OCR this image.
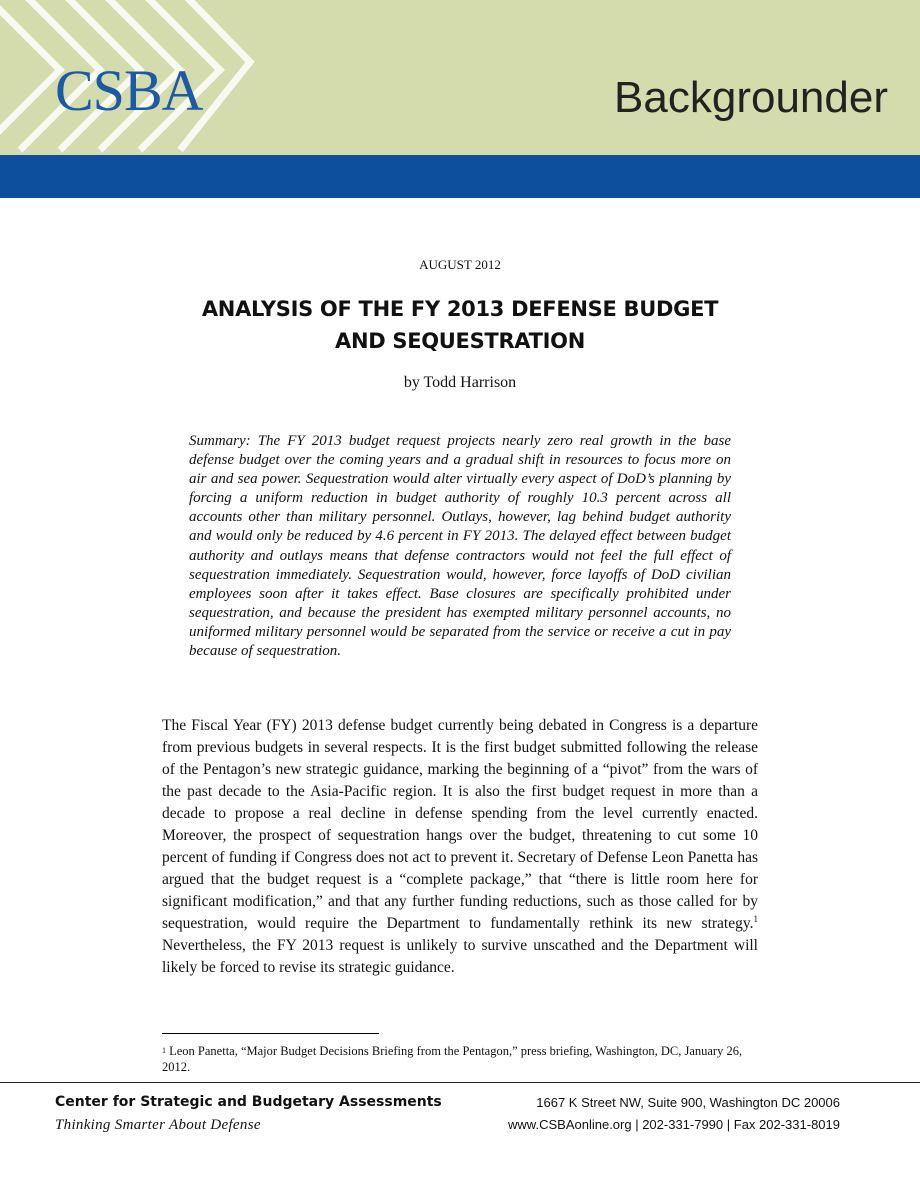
CSBA	Backgrounder
AUGUST 2012
ANALYSIS OF THE FY 2013 DEFENSE BUDGET
AND SEQUESTRATION
by Todd Harrison

Summary: The FY 2013 budget request projects nearly zero real growth in the base defense budget over the coming years and a gradual shift in resources to focus more on air and sea power. Sequestration would alter virtually every aspect of DoD’s planning by forcing a uniform reduction in budget authority of roughly 10.3 percent across all accounts other than military personnel. Outlays, however, lag behind budget authority and would only be reduced by 4.6 percent in FY 2013. The delayed effect between budget authority and outlays means that defense contractors would not feel the full effect of sequestration immediately. Sequestration would, however, force layoffs of DoD civilian employees soon after it takes effect. Base closures are specifically prohibited under sequestration, and because the president has exempted military personnel accounts, no uniformed military personnel would be separated from the service or receive a cut in pay because of sequestration.

The Fiscal Year (FY) 2013 defense budget currently being debated in Congress is a departure from previous budgets in several respects. It is the first budget submitted following the release of the Pentagon’s new strategic guidance, marking the beginning of a “pivot” from the wars of the past decade to the Asia-Pacific region. It is also the first budget request in more than a decade to propose a real decline in defense spending from the level currently enacted. Moreover, the prospect of sequestration hangs over the budget, threatening to cut some 10 percent of funding if Congress does not act to prevent it. Secretary of Defense Leon Panetta has argued that the budget request is a “complete package,” that “there is little room here for significant modification,” and that any further funding reductions, such as those called for by sequestration, would require the Department to fundamentally rethink its new strategy.$^1$ Nevertheless, the FY 2013 request is unlikely to survive unscathed and the Department will likely be forced to revise its strategic guidance.

$^1$ Leon Panetta, “Major Budget Decisions Briefing from the Pentagon,” press briefing, Washington, DC, January 26, 2012.

Center for Strategic and Budgetary Assessments
Thinking Smarter About Defense
1667 K Street NW, Suite 900, Washington DC 20006
www.CSBAonline.org | 202-331-7990 | Fax 202-331-8019
